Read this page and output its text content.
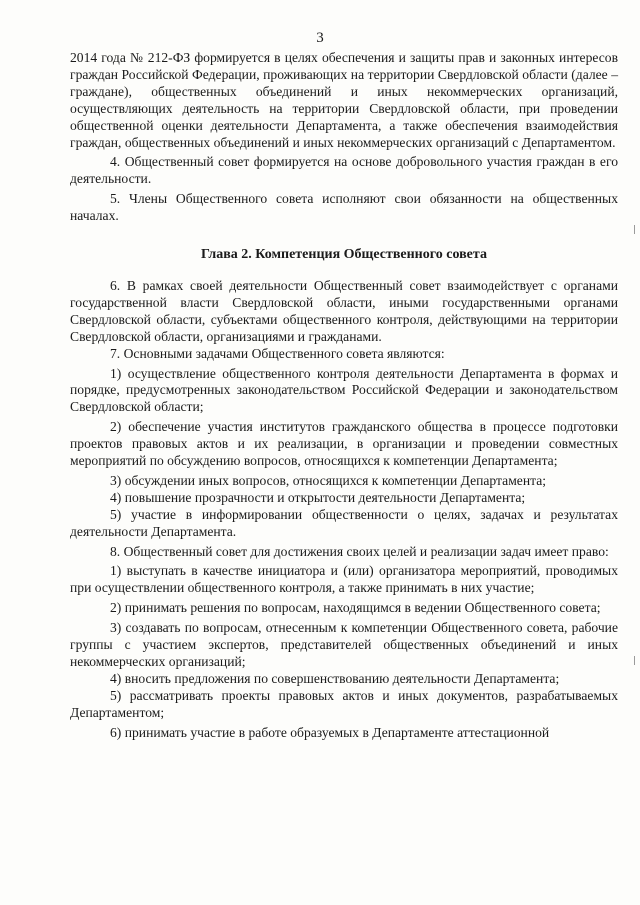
3

2014 года № 212-ФЗ формируется в целях обеспечения и защиты прав и законных интересов граждан Российской Федерации, проживающих на территории Свердловской области (далее – граждане), общественных объединений и иных некоммерческих организаций, осуществляющих деятельность на территории Свердловской области, при проведении общественной оценки деятельности Департамента, а также обеспечения взаимодействия граждан, общественных объединений и иных некоммерческих организаций с Департаментом.

4. Общественный совет формируется на основе добровольного участия граждан в его деятельности.

5. Члены Общественного совета исполняют свои обязанности на общественных началах.

Глава 2. Компетенция Общественного совета

6. В рамках своей деятельности Общественный совет взаимодействует с органами государственной власти Свердловской области, иными государственными органами Свердловской области, субъектами общественного контроля, действующими на территории Свердловской области, организациями и гражданами.

7. Основными задачами Общественного совета являются:

1) осуществление общественного контроля деятельности Департамента в формах и порядке, предусмотренных законодательством Российской Федерации и законодательством Свердловской области;

2) обеспечение участия институтов гражданского общества в процессе подготовки проектов правовых актов и их реализации, в организации и проведении совместных мероприятий по обсуждению вопросов, относящихся к компетенции Департамента;

3) обсуждении иных вопросов, относящихся к компетенции Департамента;

4) повышение прозрачности и открытости деятельности Департамента;

5) участие в информировании общественности о целях, задачах и результатах деятельности Департамента.

8. Общественный совет для достижения своих целей и реализации задач имеет право:

1) выступать в качестве инициатора и (или) организатора мероприятий, проводимых при осуществлении общественного контроля, а также принимать в них участие;

2) принимать решения по вопросам, находящимся в ведении Общественного совета;

3) создавать по вопросам, отнесенным к компетенции Общественного совета, рабочие группы с участием экспертов, представителей общественных объединений и иных некоммерческих организаций;

4) вносить предложения по совершенствованию деятельности Департамента;

5) рассматривать проекты правовых актов и иных документов, разрабатываемых Департаментом;

6) принимать участие в работе образуемых в Департаменте аттестационной
